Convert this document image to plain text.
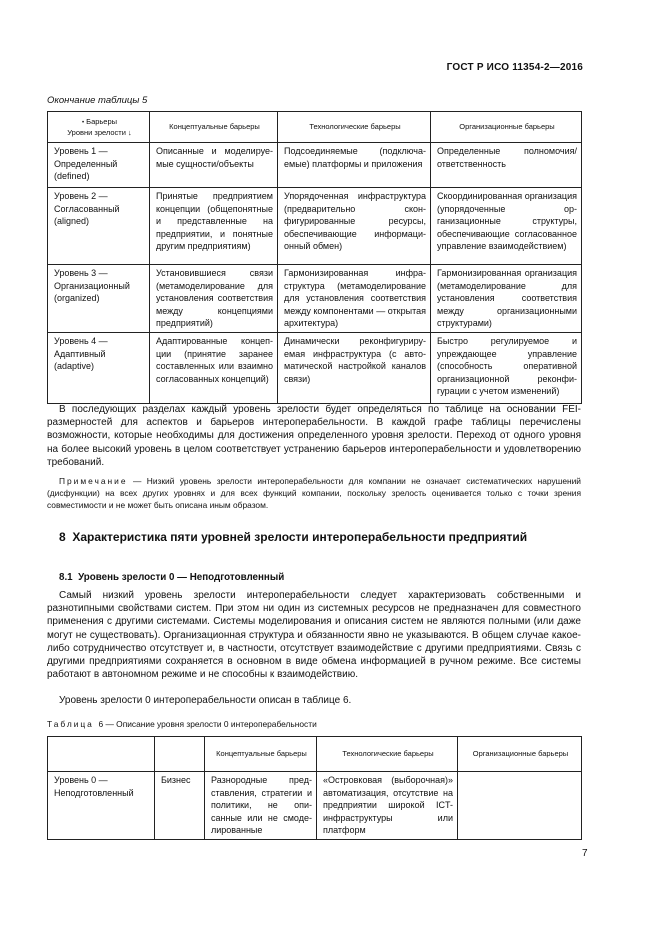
ГОСТ Р ИСО 11354-2—2016
Окончание таблицы 5
• Барьеры
Уровни зрелости ↓	Концептуальные барьеры	Технологические барьеры	Организационные барьеры
Уровень 1 — Определенный (defined)	Описанные и моделируемые сущности/объекты	Подсоединяемые (подключаемые) платформы и приложения	Определенные полномочия/ответственность
Уровень 2 — Согласованный (aligned)	Принятые предприятием концепции (общепонятные и представленные на предприятии, и понятные другим предприятиям)	Упорядоченная инфраструктура (предварительно сконфигурированные ресурсы, обеспечивающие информационный обмен)	Скоординированная организация (упорядоченные организационные структуры, обеспечивающие согласованное управление взаимодействием)
Уровень 3 — Организационный (organized)	Установившиеся связи (метамоделирование для установления соответствия между концепциями предприятий)	Гармонизированная инфраструктура (метамоделирование для установления соответствия между компонентами — открытая архитектура)	Гармонизированная организация (метамоделирование для установления соответствия между организационными структурами)
Уровень 4 — Адаптивный (adaptive)	Адаптированные концепции (принятие заранее составленных или взаимно согласованных концепций)	Динамически реконфигурируемая инфраструктура (с автоматической настройкой каналов связи)	Быстро регулируемое и упреждающее управление (способность оперативной организационной реконфигурации с учетом изменений)
В последующих разделах каждый уровень зрелости будет определяться по таблице на основании FEI-размерностей для аспектов и барьеров интероперабельности. В каждой графе таблицы перечислены возможности, которые необходимы для достижения определенного уровня зрелости. Переход от одного уровня на более высокий уровень в целом соответствует устранению барьеров интероперабельности и удовлетворению требований.
Примечание — Низкий уровень зрелости интероперабельности для компании не означает систематических нарушений (дисфункции) на всех других уровнях и для всех функций компании, поскольку зрелость оценивается только с точки зрения совместимости и не может быть описана иным образом.
8 Характеристика пяти уровней зрелости интероперабельности предприятий
8.1 Уровень зрелости 0 — Неподготовленный
Самый низкий уровень зрелости интероперабельности следует характеризовать собственными и разнотипными свойствами систем. При этом ни один из системных ресурсов не предназначен для совместного применения с другими системами. Системы моделирования и описания систем не являются полными (или даже могут не существовать). Организационная структура и обязанности явно не указываются. В общем случае какое-либо сотрудничество отсутствует и, в частности, отсутствует взаимодействие с другими предприятиями. Связь с другими предприятиями сохраняется в основном в виде обмена информацией в ручном режиме. Все системы работают в автономном режиме и не способны к взаимодействию.
Уровень зрелости 0 интероперабельности описан в таблице 6.
Таблица 6 — Описание уровня зрелости 0 интероперабельности
		Концептуальные барьеры	Технологические барьеры	Организационные барьеры
Уровень 0 — Неподготовленный	Бизнес	Разнородные представления, стратегии и политики, не описанные или не смоделированные	«Островковая (выборочная)» автоматизация, отсутствие на предприятии широкой ICT-инфраструктуры или платформ	
7
